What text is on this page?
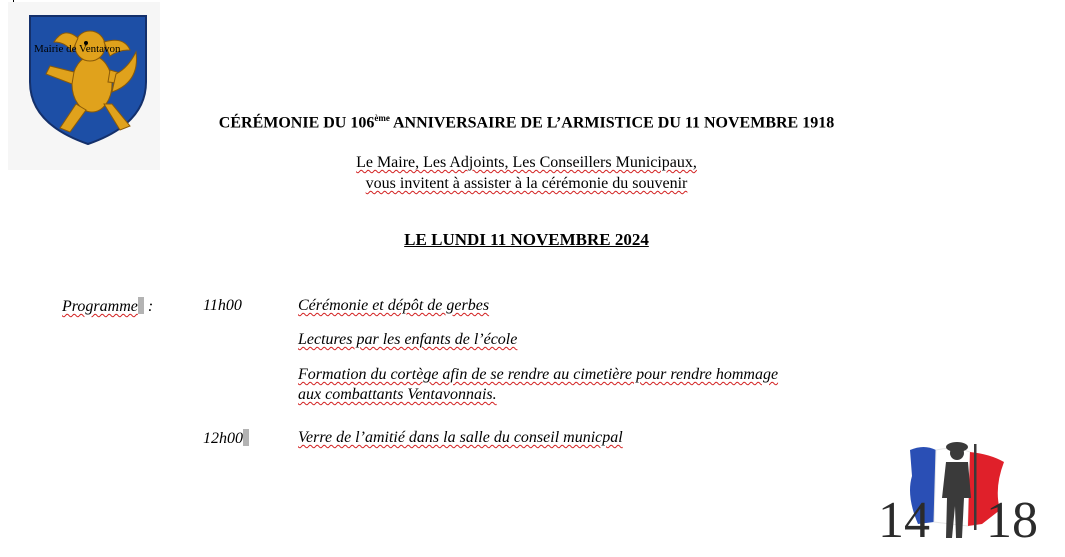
Mairie de Ventavon
CÉRÉMONIE DU 106ème ANNIVERSAIRE DE L’ARMISTICE DU 11 NOVEMBRE 1918
Le Maire, Les Adjoints, Les Conseillers Municipaux,
vous invitent à assister à la cérémonie du souvenir
LE LUNDI 11 NOVEMBRE 2024
Programme :	11h00	Cérémonie et dépôt de gerbes
Lectures par les enfants de l’école
Formation du cortège afin de se rendre au cimetière pour rendre hommage
aux combattants Ventavonnais.
12h00	Verre de l’amitié dans la salle du conseil municpal
14 18
